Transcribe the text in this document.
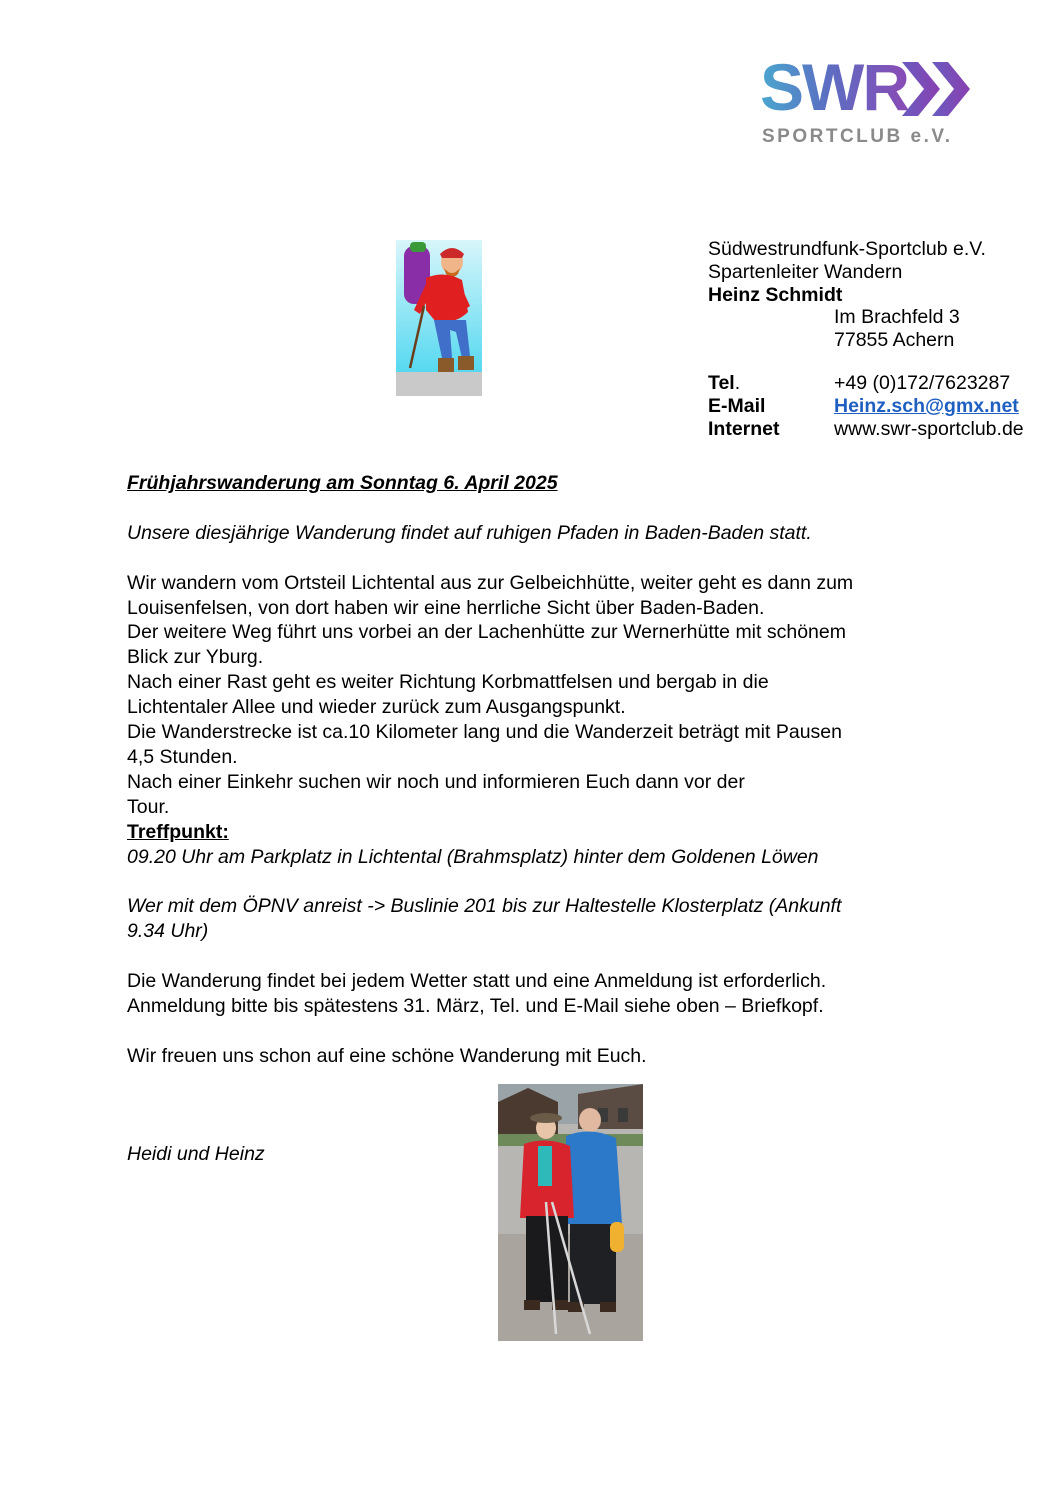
SWR
SPORTCLUB e.V.
Südwestrundfunk-Sportclub e.V.
Spartenleiter Wandern
Heinz Schmidt
Im Brachfeld 3
77855 Achern
Tel.	+49 (0)172/7623287
E-Mail	Heinz.sch@gmx.net
Internet	www.swr-sportclub.de

Frühjahrswanderung am Sonntag 6. April 2025

Unsere diesjährige Wanderung findet auf ruhigen Pfaden in Baden-Baden statt.

Wir wandern vom Ortsteil Lichtental aus zur Gelbeichhütte, weiter geht es dann zum

Louisenfelsen, von dort haben wir eine herrliche Sicht über Baden-Baden.

Der weitere Weg führt uns vorbei an der Lachenhütte zur Wernerhütte mit schönem

Blick zur Yburg.

Nach einer Rast geht es weiter Richtung Korbmattfelsen und bergab in die

Lichtentaler Allee und wieder zurück zum Ausgangspunkt.

Die Wanderstrecke ist ca.10 Kilometer lang und die Wanderzeit beträgt mit Pausen

4,5 Stunden.

Nach einer Einkehr suchen wir noch und informieren Euch dann vor der

Tour.

Treffpunkt:

09.20 Uhr am Parkplatz in Lichtental (Brahmsplatz) hinter dem Goldenen Löwen

Wer mit dem ÖPNV anreist -> Buslinie 201 bis zur Haltestelle Klosterplatz (Ankunft

9.34 Uhr)

Die Wanderung findet bei jedem Wetter statt und eine Anmeldung ist erforderlich.

Anmeldung bitte bis spätestens 31. März, Tel. und E-Mail siehe oben – Briefkopf.

Wir freuen uns schon auf eine schöne Wanderung mit Euch.

Heidi und Heinz
